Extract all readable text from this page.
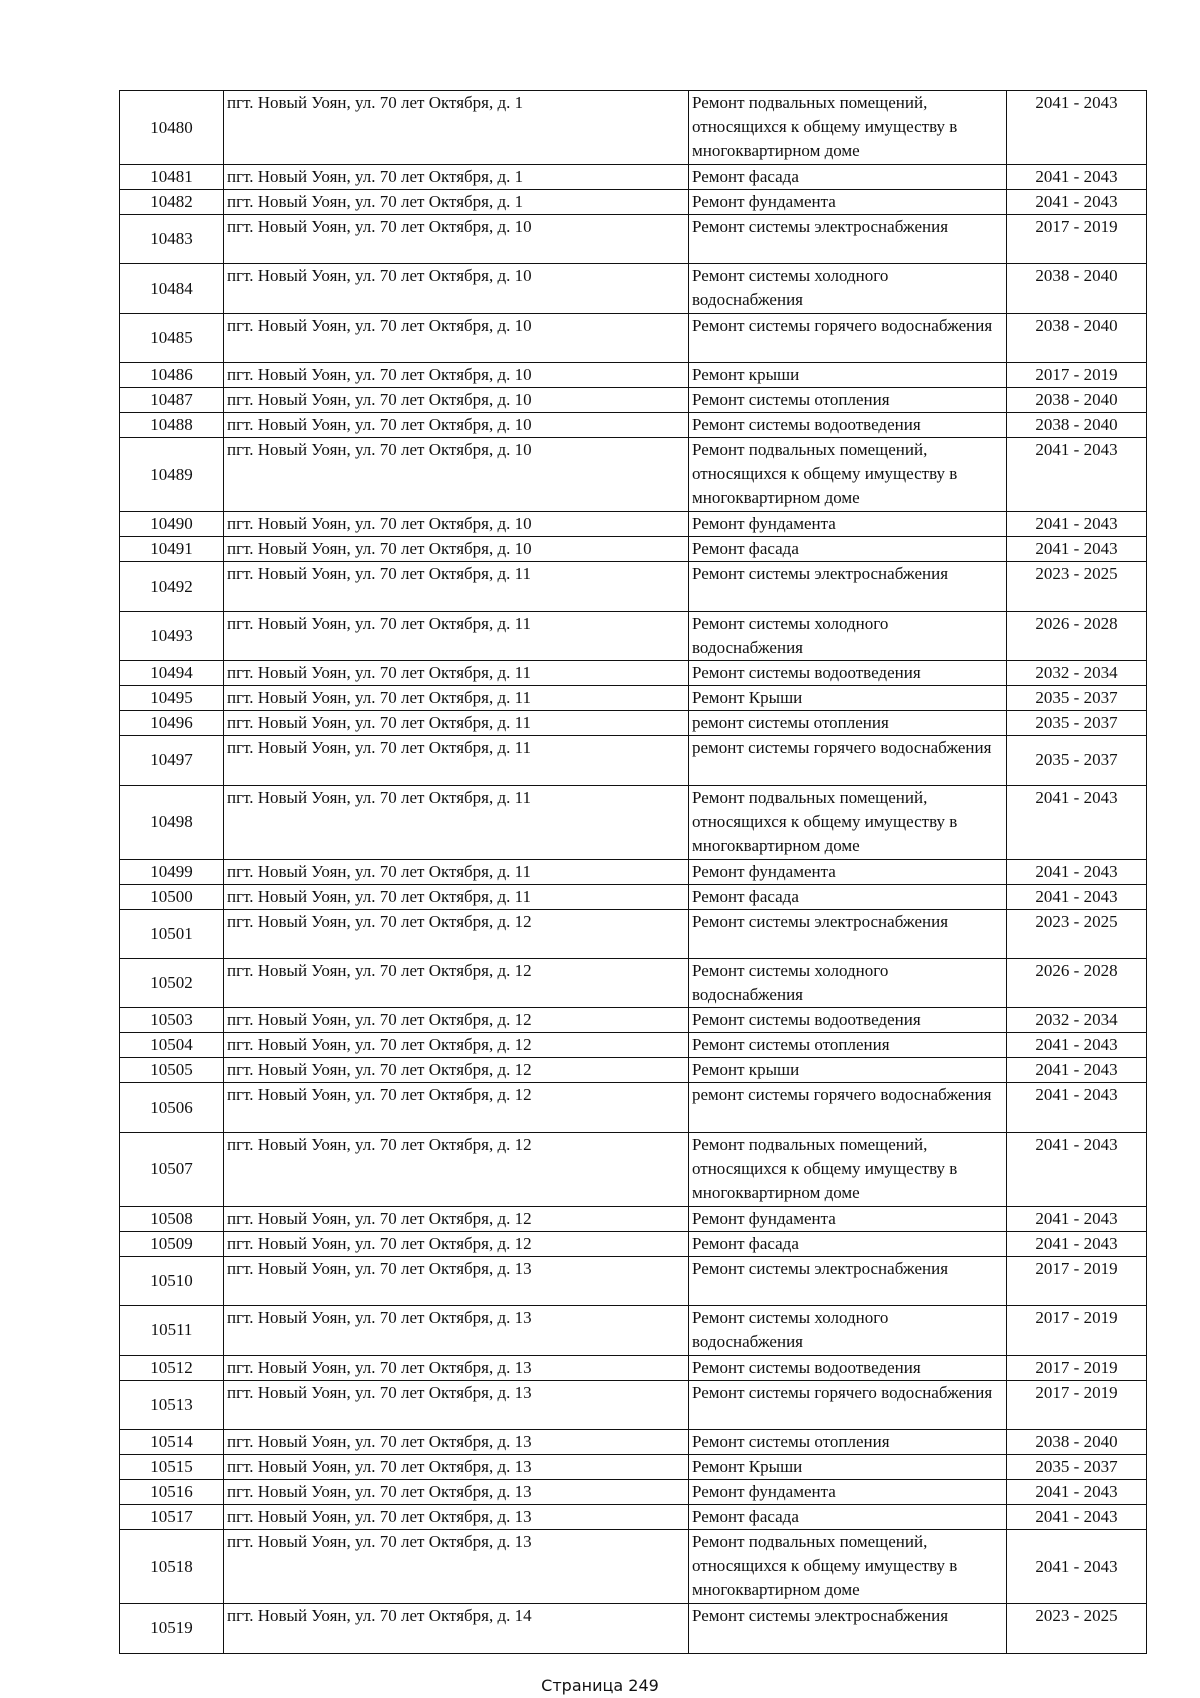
10480	пгт. Новый Уоян, ул. 70 лет Октября, д. 1	Ремонт подвальных помещений, относящихся к общему имуществу в многоквартирном доме	2041 - 2043
10481	пгт. Новый Уоян, ул. 70 лет Октября, д. 1	Ремонт фасада	2041 - 2043
10482	пгт. Новый Уоян, ул. 70 лет Октября, д. 1	Ремонт фундамента	2041 - 2043
10483	пгт. Новый Уоян, ул. 70 лет Октября, д. 10	Ремонт системы электроснабжения	2017 - 2019
10484	пгт. Новый Уоян, ул. 70 лет Октября, д. 10	Ремонт системы холодного водоснабжения	2038 - 2040
10485	пгт. Новый Уоян, ул. 70 лет Октября, д. 10	Ремонт системы горячего водоснабжения	2038 - 2040
10486	пгт. Новый Уоян, ул. 70 лет Октября, д. 10	Ремонт крыши	2017 - 2019
10487	пгт. Новый Уоян, ул. 70 лет Октября, д. 10	Ремонт системы отопления	2038 - 2040
10488	пгт. Новый Уоян, ул. 70 лет Октября, д. 10	Ремонт системы водоотведения	2038 - 2040
10489	пгт. Новый Уоян, ул. 70 лет Октября, д. 10	Ремонт подвальных помещений, относящихся к общему имуществу в многоквартирном доме	2041 - 2043
10490	пгт. Новый Уоян, ул. 70 лет Октября, д. 10	Ремонт фундамента	2041 - 2043
10491	пгт. Новый Уоян, ул. 70 лет Октября, д. 10	Ремонт фасада	2041 - 2043
10492	пгт. Новый Уоян, ул. 70 лет Октября, д. 11	Ремонт системы электроснабжения	2023 - 2025
10493	пгт. Новый Уоян, ул. 70 лет Октября, д. 11	Ремонт системы холодного водоснабжения	2026 - 2028
10494	пгт. Новый Уоян, ул. 70 лет Октября, д. 11	Ремонт системы водоотведения	2032 - 2034
10495	пгт. Новый Уоян, ул. 70 лет Октября, д. 11	Ремонт Крыши	2035 - 2037
10496	пгт. Новый Уоян, ул. 70 лет Октября, д. 11	ремонт системы отопления	2035 - 2037
10497	пгт. Новый Уоян, ул. 70 лет Октября, д. 11	ремонт системы горячего водоснабжения	2035 - 2037
10498	пгт. Новый Уоян, ул. 70 лет Октября, д. 11	Ремонт подвальных помещений, относящихся к общему имуществу в многоквартирном доме	2041 - 2043
10499	пгт. Новый Уоян, ул. 70 лет Октября, д. 11	Ремонт фундамента	2041 - 2043
10500	пгт. Новый Уоян, ул. 70 лет Октября, д. 11	Ремонт фасада	2041 - 2043
10501	пгт. Новый Уоян, ул. 70 лет Октября, д. 12	Ремонт системы электроснабжения	2023 - 2025
10502	пгт. Новый Уоян, ул. 70 лет Октября, д. 12	Ремонт системы холодного водоснабжения	2026 - 2028
10503	пгт. Новый Уоян, ул. 70 лет Октября, д. 12	Ремонт системы водоотведения	2032 - 2034
10504	пгт. Новый Уоян, ул. 70 лет Октября, д. 12	Ремонт системы отопления	2041 - 2043
10505	пгт. Новый Уоян, ул. 70 лет Октября, д. 12	Ремонт крыши	2041 - 2043
10506	пгт. Новый Уоян, ул. 70 лет Октября, д. 12	ремонт системы горячего водоснабжения	2041 - 2043
10507	пгт. Новый Уоян, ул. 70 лет Октября, д. 12	Ремонт подвальных помещений, относящихся к общему имуществу в многоквартирном доме	2041 - 2043
10508	пгт. Новый Уоян, ул. 70 лет Октября, д. 12	Ремонт фундамента	2041 - 2043
10509	пгт. Новый Уоян, ул. 70 лет Октября, д. 12	Ремонт фасада	2041 - 2043
10510	пгт. Новый Уоян, ул. 70 лет Октября, д. 13	Ремонт системы электроснабжения	2017 - 2019
10511	пгт. Новый Уоян, ул. 70 лет Октября, д. 13	Ремонт системы холодного водоснабжения	2017 - 2019
10512	пгт. Новый Уоян, ул. 70 лет Октября, д. 13	Ремонт системы водоотведения	2017 - 2019
10513	пгт. Новый Уоян, ул. 70 лет Октября, д. 13	Ремонт системы горячего водоснабжения	2017 - 2019
10514	пгт. Новый Уоян, ул. 70 лет Октября, д. 13	Ремонт системы отопления	2038 - 2040
10515	пгт. Новый Уоян, ул. 70 лет Октября, д. 13	Ремонт Крыши	2035 - 2037
10516	пгт. Новый Уоян, ул. 70 лет Октября, д. 13	Ремонт фундамента	2041 - 2043
10517	пгт. Новый Уоян, ул. 70 лет Октября, д. 13	Ремонт фасада	2041 - 2043
10518	пгт. Новый Уоян, ул. 70 лет Октября, д. 13	Ремонт подвальных помещений, относящихся к общему имуществу в многоквартирном доме	2041 - 2043
10519	пгт. Новый Уоян, ул. 70 лет Октября, д. 14	Ремонт системы электроснабжения	2023 - 2025
Страница 249
